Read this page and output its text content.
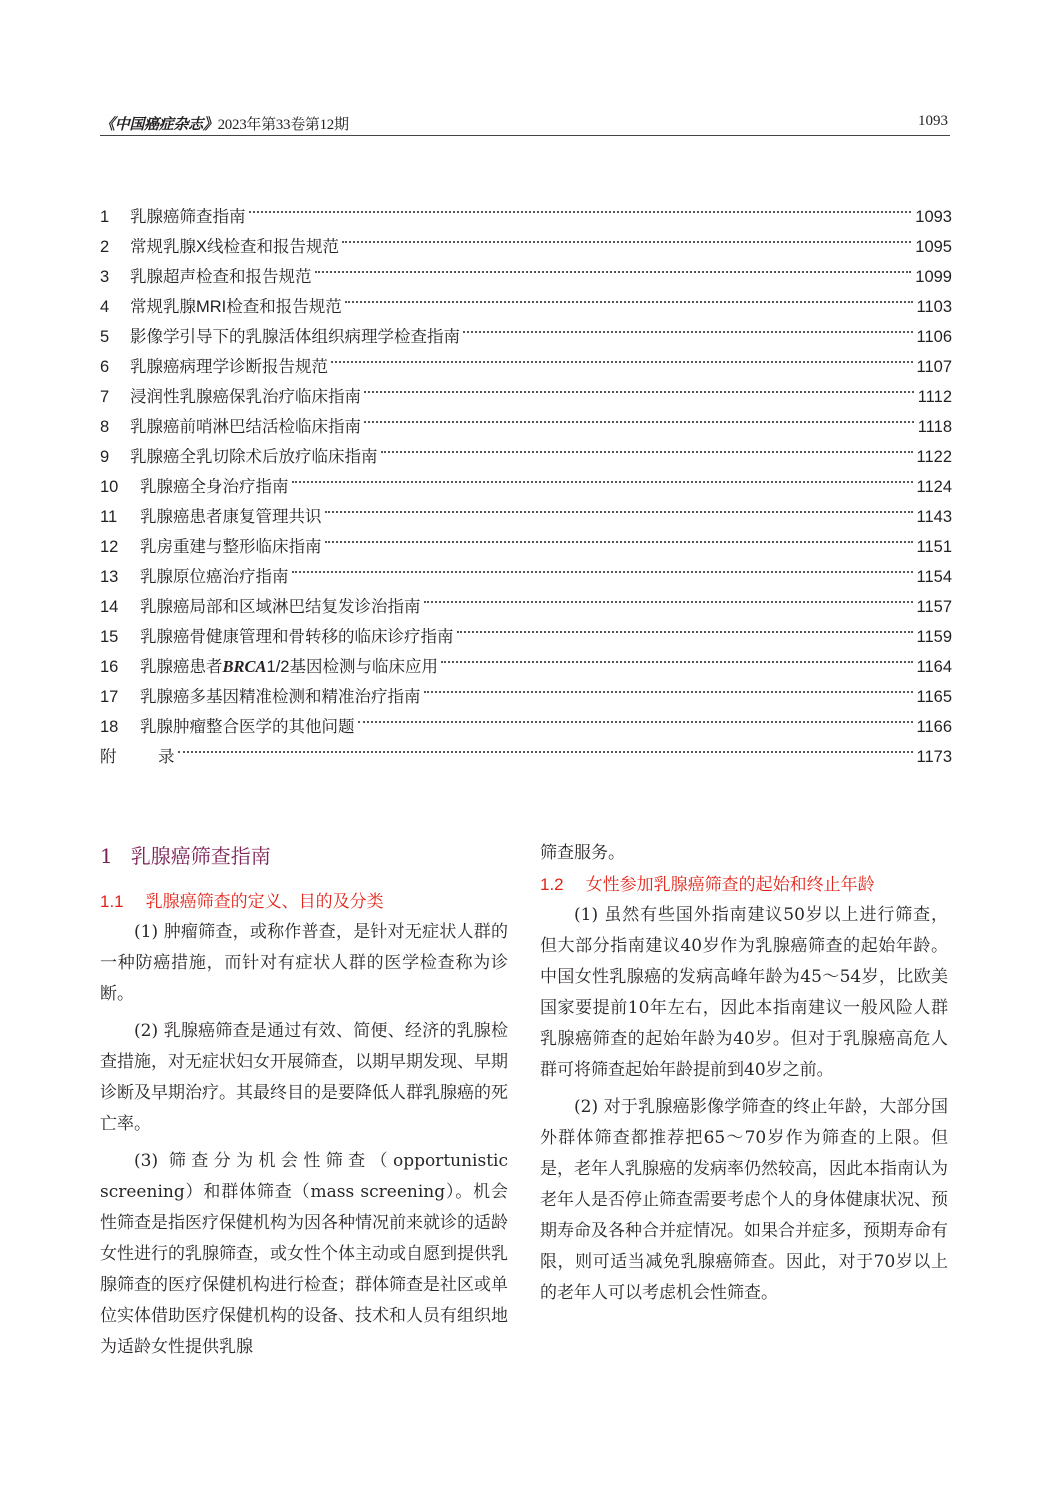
《中国癌症杂志》2023年第33卷第12期	1093
1	乳腺癌筛查指南	1093
2	常规乳腺X线检查和报告规范	1095
3	乳腺超声检查和报告规范	1099
4	常规乳腺MRI检查和报告规范	1103
5	影像学引导下的乳腺活体组织病理学检查指南	1106
6	乳腺癌病理学诊断报告规范	1107
7	浸润性乳腺癌保乳治疗临床指南	1112
8	乳腺癌前哨淋巴结活检临床指南	1118
9	乳腺癌全乳切除术后放疗临床指南	1122
10	乳腺癌全身治疗指南	1124
11	乳腺癌患者康复管理共识	1143
12	乳房重建与整形临床指南	1151
13	乳腺原位癌治疗指南	1154
14	乳腺癌局部和区域淋巴结复发诊治指南	1157
15	乳腺癌骨健康管理和骨转移的临床诊疗指南	1159
16	乳腺癌患者BRCA1/2基因检测与临床应用	1164
17	乳腺癌多基因精准检测和精准治疗指南	1165
18	乳腺肿瘤整合医学的其他问题	1166
附	录	1173
1 乳腺癌筛查指南
1.1 乳腺癌筛查的定义、目的及分类

(1) 肿瘤筛查，或称作普查，是针对无症状人群的一种防癌措施，而针对有症状人群的医学检查称为诊断。

(2) 乳腺癌筛查是通过有效、简便、经济的乳腺检查措施，对无症状妇女开展筛查，以期早期发现、早期诊断及早期治疗。其最终目的是要降低人群乳腺癌的死亡率。

(3) 筛查分为机会性筛查（opportunistic screening）和群体筛查（mass screening）。机会性筛查是指医疗保健机构为因各种情况前来就诊的适龄女性进行的乳腺筛查，或女性个体主动或自愿到提供乳腺筛查的医疗保健机构进行检查；群体筛查是社区或单位实体借助医疗保健机构的设备、技术和人员有组织地为适龄女性提供乳腺

筛查服务。

1.2 女性参加乳腺癌筛查的起始和终止年龄

(1) 虽然有些国外指南建议50岁以上进行筛查，但大部分指南建议40岁作为乳腺癌筛查的起始年龄。中国女性乳腺癌的发病高峰年龄为45～54岁，比欧美国家要提前10年左右，因此本指南建议一般风险人群乳腺癌筛查的起始年龄为40岁。但对于乳腺癌高危人群可将筛查起始年龄提前到40岁之前。

(2) 对于乳腺癌影像学筛查的终止年龄，大部分国外群体筛查都推荐把65～70岁作为筛查的上限。但是，老年人乳腺癌的发病率仍然较高，因此本指南认为老年人是否停止筛查需要考虑个人的身体健康状况、预期寿命及各种合并症情况。如果合并症多，预期寿命有限，则可适当减免乳腺癌筛查。因此，对于70岁以上的老年人可以考虑机会性筛查。
